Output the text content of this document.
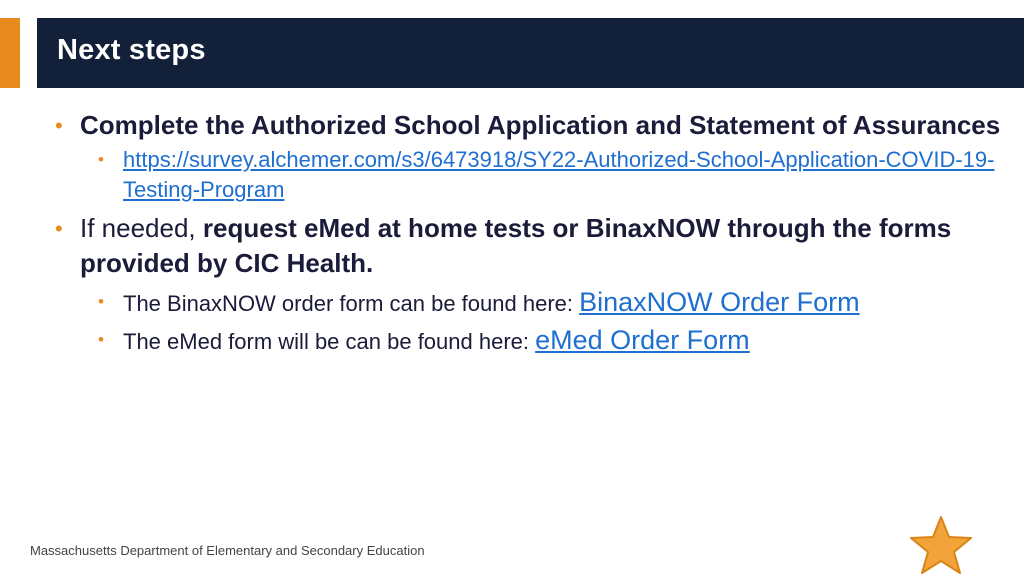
Next steps
• Complete the Authorized School Application and Statement of Assurances
• https://survey.alchemer.com/s3/6473918/SY22-Authorized-School-Application-COVID-19-Testing-Program
• If needed, request eMed at home tests or BinaxNOW through the forms provided by CIC Health.
• The BinaxNOW order form can be found here: BinaxNOW Order Form
• The eMed form will be can be found here: eMed Order Form
Massachusetts Department of Elementary and Secondary Education
